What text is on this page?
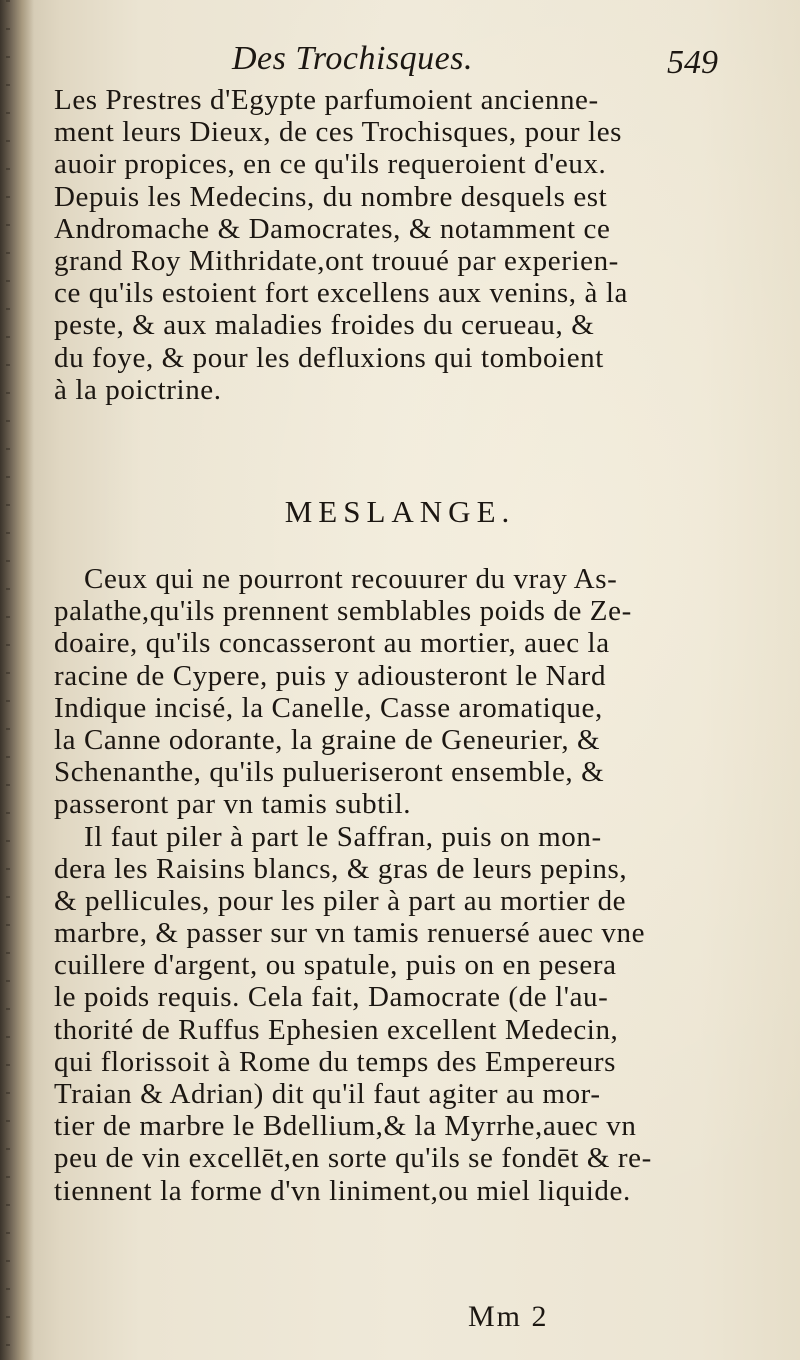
Des Trochisques.	549
Les Prestres d'Egypte parfumoient ancienne-
ment leurs Dieux, de ces Trochisques, pour les
auoir propices, en ce qu'ils requeroient d'eux.
Depuis les Medecins, du nombre desquels est
Andromache & Damocrates, & notamment ce
grand Roy Mithridate,ont trouué par experien-
ce qu'ils estoient fort excellens aux venins, à la
peste, & aux maladies froides du cerueau, &
du foye, & pour les defluxions qui tomboient
à la poictrine.
MESLANGE.
Ceux qui ne pourront recouurer du vray As-
palathe,qu'ils prennent semblables poids de Ze-
doaire, qu'ils concasseront au mortier, auec la
racine de Cypere, puis y adiousteront le Nard
Indique incisé, la Canelle, Casse aromatique,
la Canne odorante, la graine de Geneurier, &
Schenanthe, qu'ils pulueriseront ensemble, &
passeront par vn tamis subtil.
Il faut piler à part le Saffran, puis on mon-
dera les Raisins blancs, & gras de leurs pepins,
& pellicules, pour les piler à part au mortier de
marbre, & passer sur vn tamis renuersé auec vne
cuillere d'argent, ou spatule, puis on en pesera
le poids requis. Cela fait, Damocrate (de l'au-
thorité de Ruffus Ephesien excellent Medecin,
qui florissoit à Rome du temps des Empereurs
Traian & Adrian) dit qu'il faut agiter au mor-
tier de marbre le Bdellium,& la Myrrhe,auec vn
peu de vin excellēt,en sorte qu'ils se fondēt & re-
tiennent la forme d'vn liniment,ou miel liquide.
Mm 2
